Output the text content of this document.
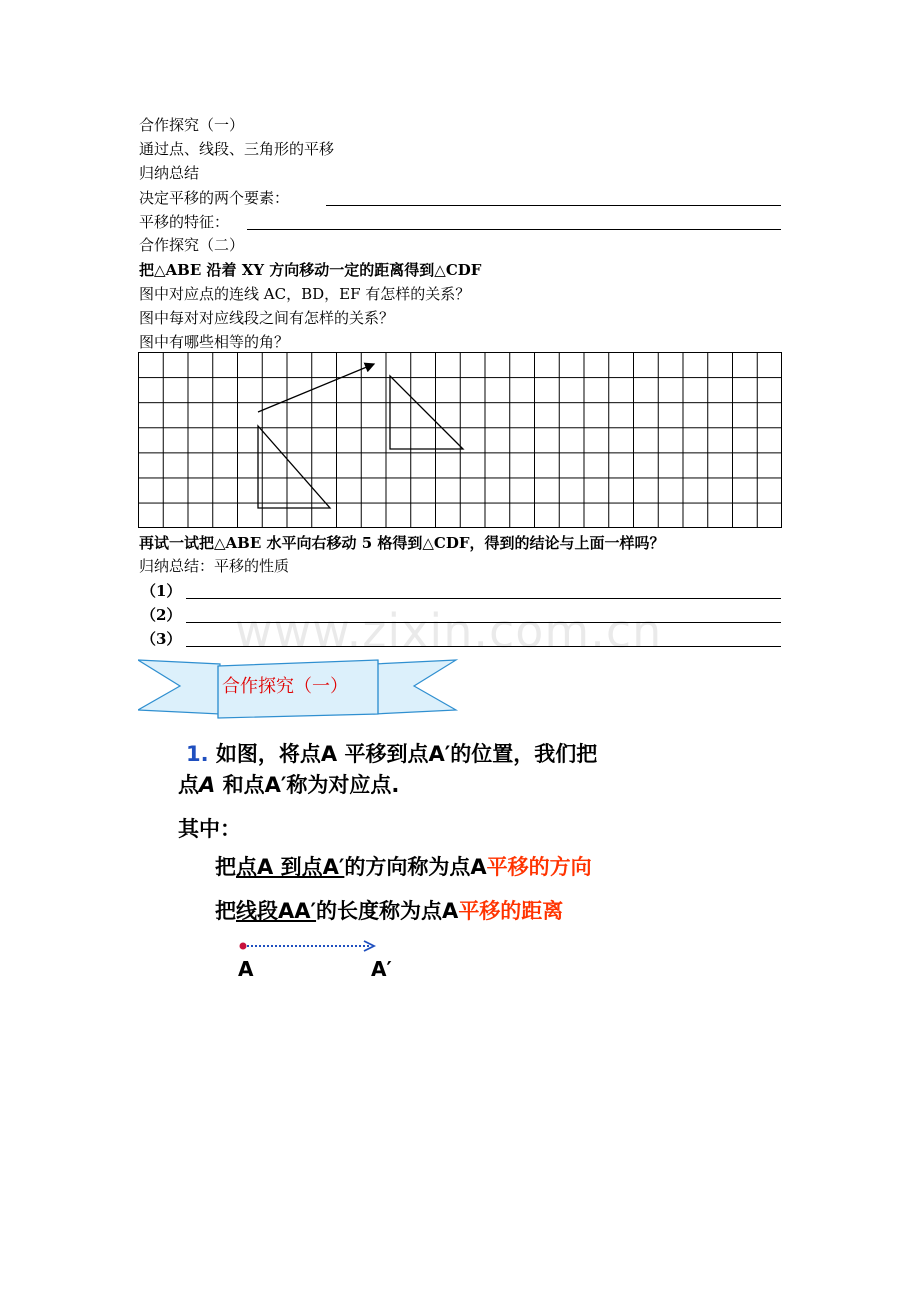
www.zixin.com.cn
合作探究（一）
通过点、线段、三角形的平移
归纳总结
决定平移的两个要素：
平移的特征：
合作探究（二）
把△ABE 沿着 XY 方向移动一定的距离得到△CDF
图中对应点的连线 AC，BD，EF 有怎样的关系？
图中每对对应线段之间有怎样的关系？
图中有哪些相等的角？
再试一试把△ABE 水平向右移动 5 格得到△CDF，得到的结论与上面一样吗？
归纳总结：平移的性质
（1）
（2）
（3）
合作探究（一）
1. 如图，将点A 平移到点A′的位置，我们把
点A 和点A′称为对应点.
其中：
把点A 到点A′的方向称为点A平移的方向
把线段AA′的长度称为点A平移的距离
A	A′
